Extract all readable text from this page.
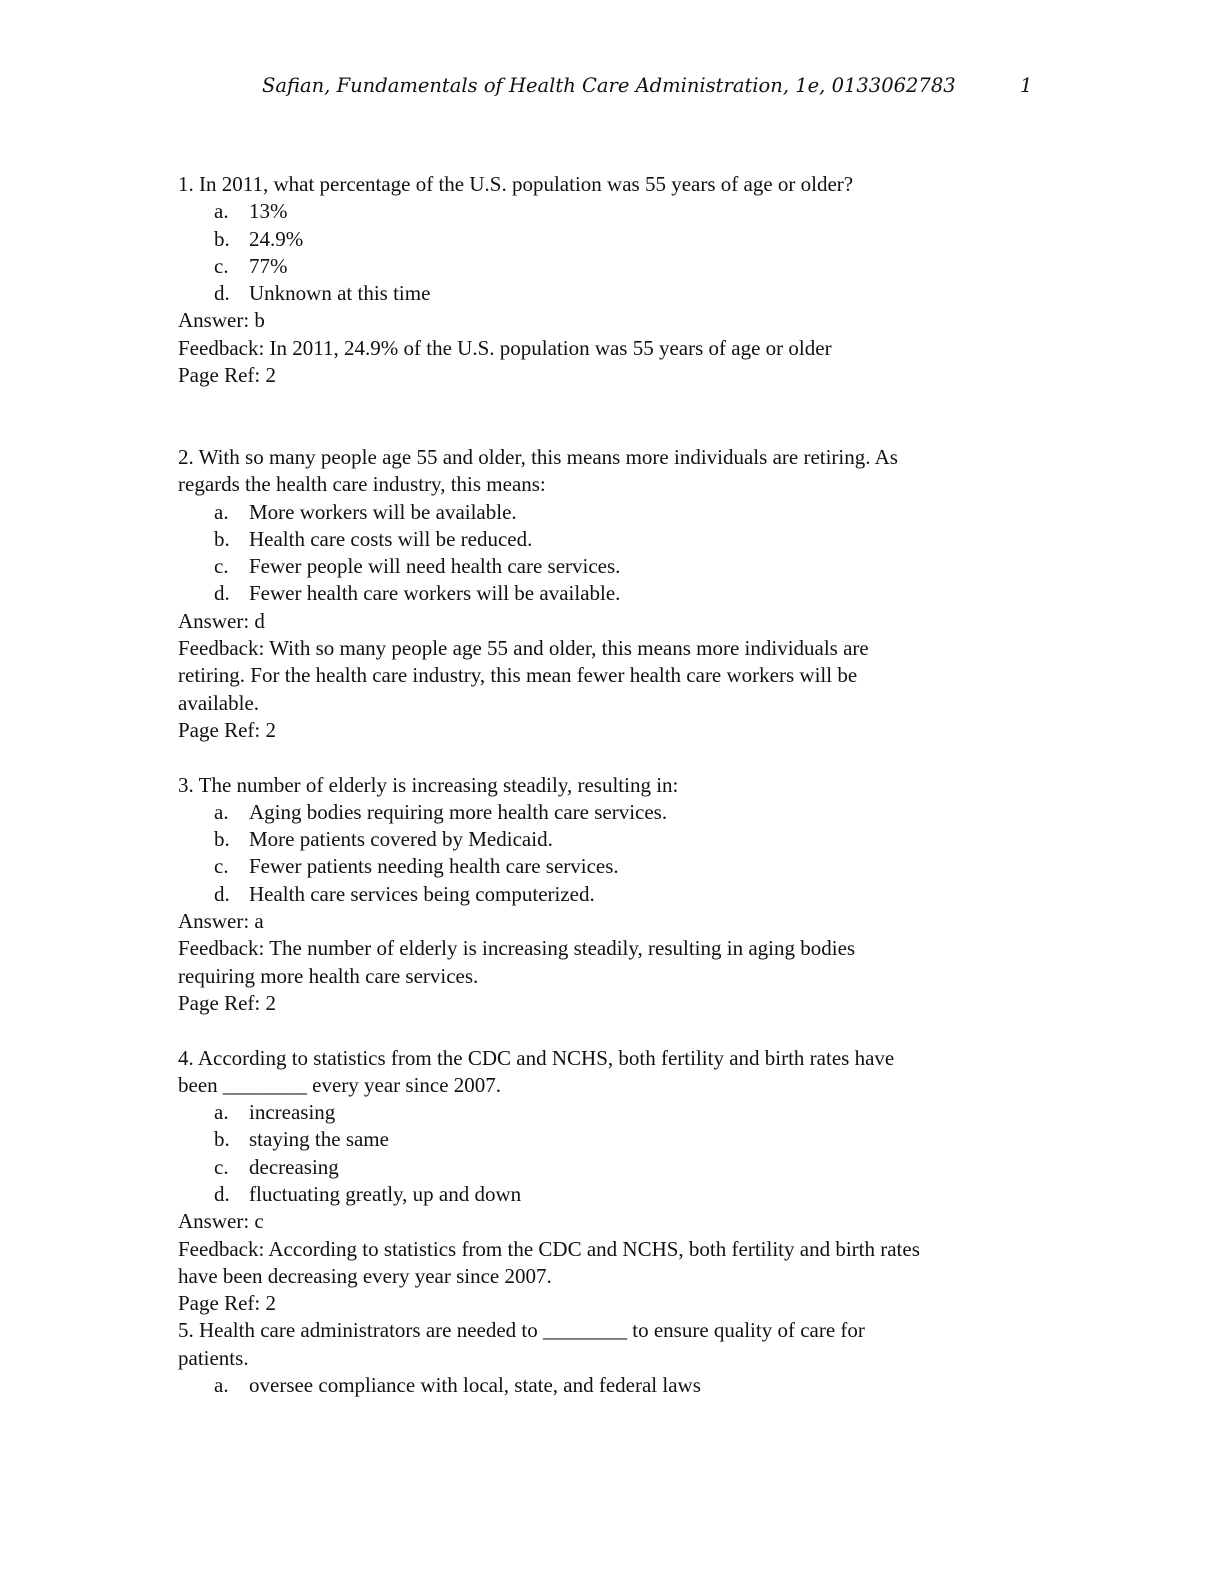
Safian, Fundamentals of Health Care Administration, 1e, 0133062783	1
1. In 2011, what percentage of the U.S. population was 55 years of age or older?
a. 13%
b. 24.9%
c. 77%
d. Unknown at this time
Answer: b
Feedback: In 2011, 24.9% of the U.S. population was 55 years of age or older
Page Ref: 2
2. With so many people age 55 and older, this means more individuals are retiring. As
regards the health care industry, this means:
a. More workers will be available.
b. Health care costs will be reduced.
c. Fewer people will need health care services.
d. Fewer health care workers will be available.
Answer: d
Feedback: With so many people age 55 and older, this means more individuals are
retiring. For the health care industry, this mean fewer health care workers will be
available.
Page Ref: 2
3. The number of elderly is increasing steadily, resulting in:
a. Aging bodies requiring more health care services.
b. More patients covered by Medicaid.
c. Fewer patients needing health care services.
d. Health care services being computerized.
Answer: a
Feedback: The number of elderly is increasing steadily, resulting in aging bodies
requiring more health care services.
Page Ref: 2
4. According to statistics from the CDC and NCHS, both fertility and birth rates have
been ________ every year since 2007.
a. increasing
b. staying the same
c. decreasing
d. fluctuating greatly, up and down
Answer: c
Feedback: According to statistics from the CDC and NCHS, both fertility and birth rates
have been decreasing every year since 2007.
Page Ref: 2
5. Health care administrators are needed to ________ to ensure quality of care for
patients.
a. oversee compliance with local, state, and federal laws
